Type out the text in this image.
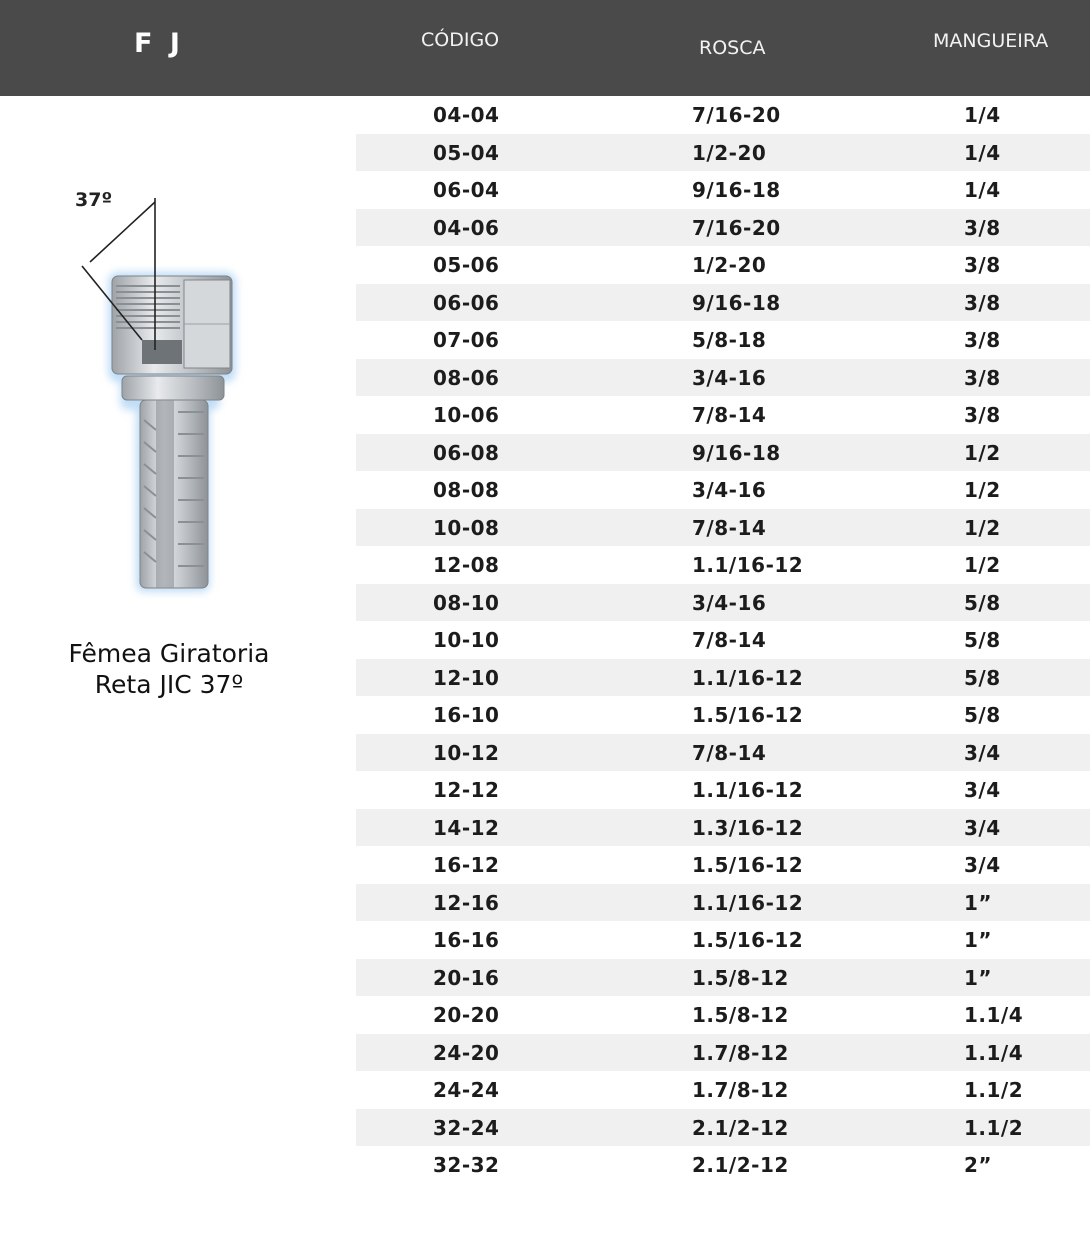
F J	CÓDIGO	ROSCA	MANGUEIRA
37º
Fêmea Giratoria
Reta JIC 37º
04-04	7/16-20	1/4
05-04	1/2-20	1/4
06-04	9/16-18	1/4
04-06	7/16-20	3/8
05-06	1/2-20	3/8
06-06	9/16-18	3/8
07-06	5/8-18	3/8
08-06	3/4-16	3/8
10-06	7/8-14	3/8
06-08	9/16-18	1/2
08-08	3/4-16	1/2
10-08	7/8-14	1/2
12-08	1.1/16-12	1/2
08-10	3/4-16	5/8
10-10	7/8-14	5/8
12-10	1.1/16-12	5/8
16-10	1.5/16-12	5/8
10-12	7/8-14	3/4
12-12	1.1/16-12	3/4
14-12	1.3/16-12	3/4
16-12	1.5/16-12	3/4
12-16	1.1/16-12	1”
16-16	1.5/16-12	1”
20-16	1.5/8-12	1”
20-20	1.5/8-12	1.1/4
24-20	1.7/8-12	1.1/4
24-24	1.7/8-12	1.1/2
32-24	2.1/2-12	1.1/2
32-32	2.1/2-12	2”
